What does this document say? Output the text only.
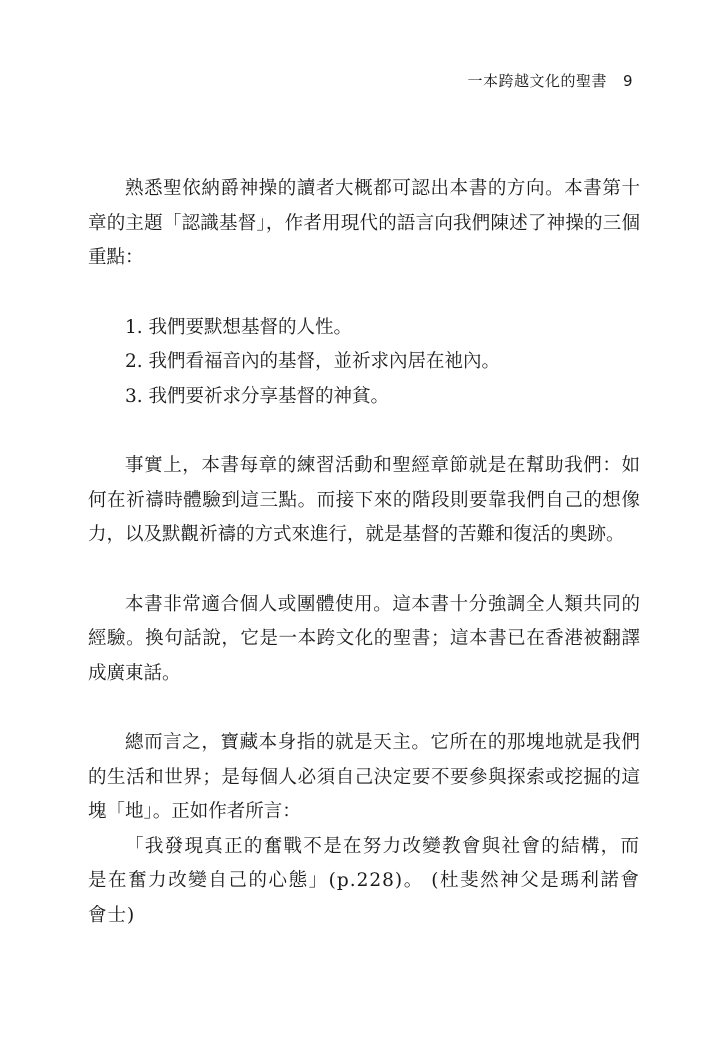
一本跨越文化的聖書 9

熟悉聖依納爵神操的讀者大概都可認出本書的方向。本書第十章的主題「認識基督」，作者用現代的語言向我們陳述了神操的三個重點：

1. 我們要默想基督的人性。
2. 我們看福音內的基督，並祈求內居在祂內。
3. 我們要祈求分享基督的神貧。

事實上，本書每章的練習活動和聖經章節就是在幫助我們：如何在祈禱時體驗到這三點。而接下來的階段則要靠我們自己的想像力，以及默觀祈禱的方式來進行，就是基督的苦難和復活的奧跡。

本書非常適合個人或團體使用。這本書十分強調全人類共同的經驗。換句話說，它是一本跨文化的聖書；這本書已在香港被翻譯成廣東話。

總而言之，寶藏本身指的就是天主。它所在的那塊地就是我們的生活和世界；是每個人必須自己決定要不要參與探索或挖掘的這塊「地」。正如作者所言：

「我發現真正的奮戰不是在努力改變教會與社會的結構，而是在奮力改變自己的心態」(p.228)。 (杜斐然神父是瑪利諾會會士)
